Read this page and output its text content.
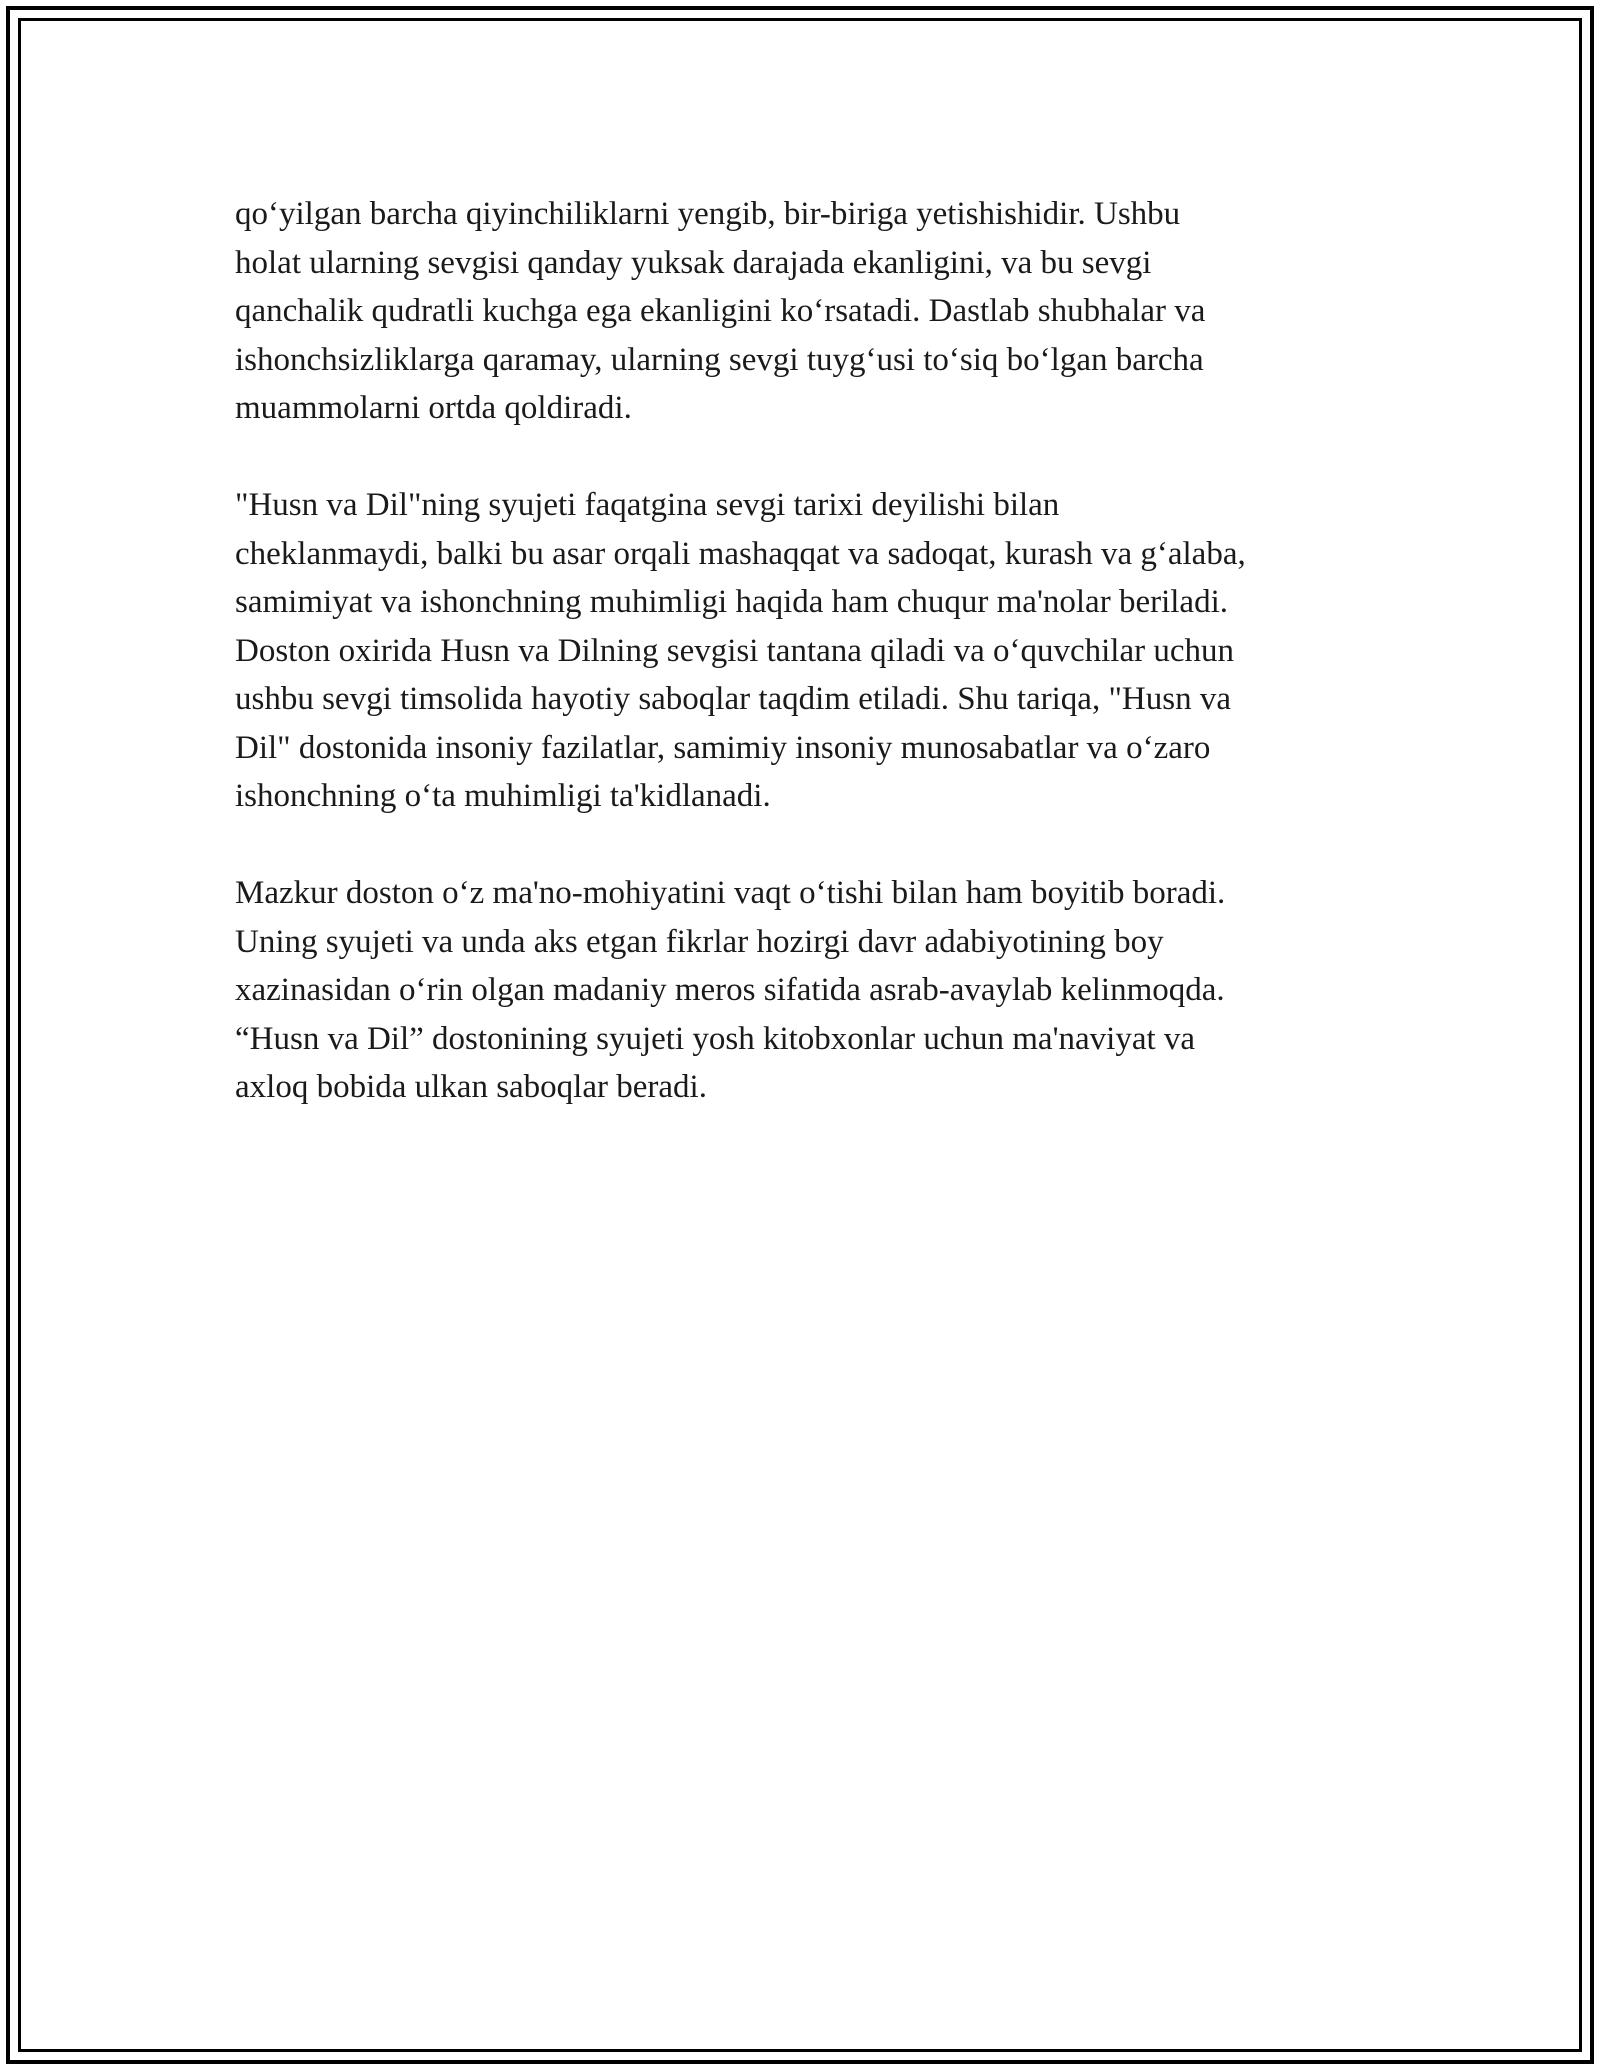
qoʻyilgan barcha qiyinchiliklarni yengib, bir-biriga yetishishidir. Ushbu
holat ularning sevgisi qanday yuksak darajada ekanligini, va bu sevgi
qanchalik qudratli kuchga ega ekanligini koʻrsatadi. Dastlab shubhalar va
ishonchsizliklarga qaramay, ularning sevgi tuygʻusi toʻsiq boʻlgan barcha
muammolarni ortda qoldiradi.

"Husn va Dil"ning syujeti faqatgina sevgi tarixi deyilishi bilan
cheklanmaydi, balki bu asar orqali mashaqqat va sadoqat, kurash va gʻalaba,
samimiyat va ishonchning muhimligi haqida ham chuqur ma'nolar beriladi.
Doston oxirida Husn va Dilning sevgisi tantana qiladi va oʻquvchilar uchun
ushbu sevgi timsolida hayotiy saboqlar taqdim etiladi. Shu tariqa, "Husn va
Dil" dostonida insoniy fazilatlar, samimiy insoniy munosabatlar va oʻzaro
ishonchning oʻta muhimligi ta'kidlanadi.

Mazkur doston oʻz ma'no-mohiyatini vaqt oʻtishi bilan ham boyitib boradi.
Uning syujeti va unda aks etgan fikrlar hozirgi davr adabiyotining boy
xazinasidan oʻrin olgan madaniy meros sifatida asrab-avaylab kelinmoqda.
“Husn va Dil” dostonining syujeti yosh kitobxonlar uchun ma'naviyat va
axloq bobida ulkan saboqlar beradi.
